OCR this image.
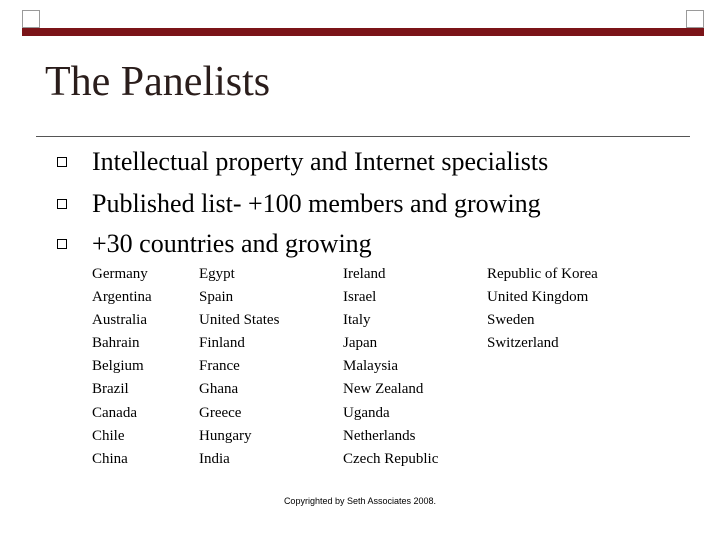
The Panelists
Intellectual property and Internet specialists
Published list- +100 members and growing
+30 countries and growing
Germany
Argentina
Australia
Bahrain
Belgium
Brazil
Canada
Chile
China
Egypt
Spain
United States
Finland
France
Ghana
Greece
Hungary
India
Ireland
Israel
Italy
Japan
Malaysia
New Zealand
Uganda
Netherlands
Czech Republic
Republic of Korea
United Kingdom
Sweden
Switzerland
Copyrighted by Seth Associates 2008.
